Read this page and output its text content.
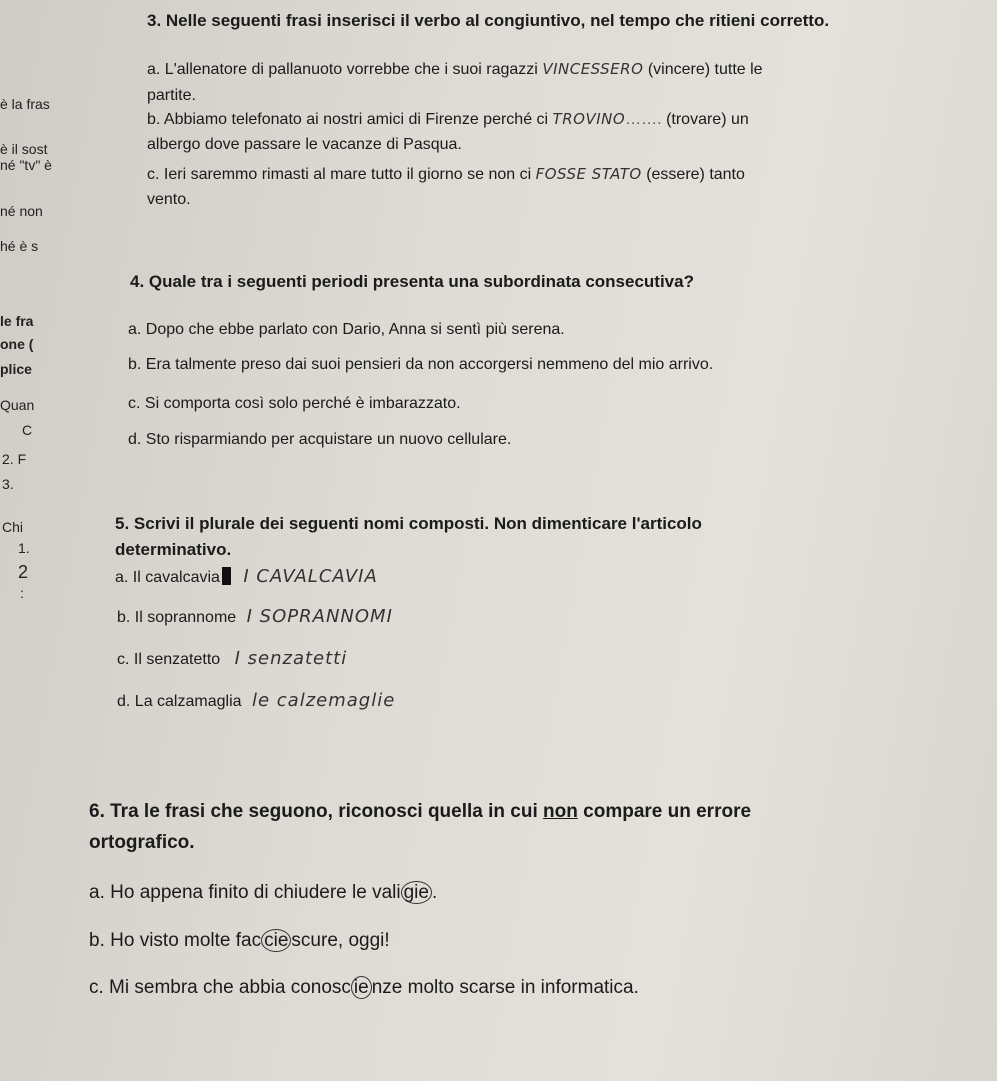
è la fras
è il sost
né "tv" è
né non
hé è s
le fra
one (
plice
Quan
C
2. F
3.
Chi
1.
2
:
3. Nelle seguenti frasi inserisci il verbo al congiuntivo, nel tempo che ritieni corretto.
a. L'allenatore di pallanuoto vorrebbe che i suoi ragazzi VINCESSERO (vincere) tutte le
partite.
b. Abbiamo telefonato ai nostri amici di Firenze perché ci TROVINO……. (trovare) un
albergo dove passare le vacanze di Pasqua.
c. Ieri saremmo rimasti al mare tutto il giorno se non ci FOSSE STATO (essere) tanto
vento.
4. Quale tra i seguenti periodi presenta una subordinata consecutiva?
a. Dopo che ebbe parlato con Dario, Anna si sentì più serena.
b. Era talmente preso dai suoi pensieri da non accorgersi nemmeno del mio arrivo.
c. Si comporta così solo perché è imbarazzato.
d. Sto risparmiando per acquistare un nuovo cellulare.
5. Scrivi il plurale dei seguenti nomi composti. Non dimenticare l'articolo
determinativo.
a. Il cavalcavia I CAVALCAVIA
b. Il soprannome I SOPRANNOMI
c. Il senzatetto I senzatetti
d. La calzamaglia le calzemaglie
6. Tra le frasi che seguono, riconosci quella in cui non compare un errore
ortografico.
a. Ho appena finito di chiudere le vali gie .
b. Ho visto molte fac cie scure, oggi!
c. Mi sembra che abbia conosc ie nze molto scarse in informatica.
